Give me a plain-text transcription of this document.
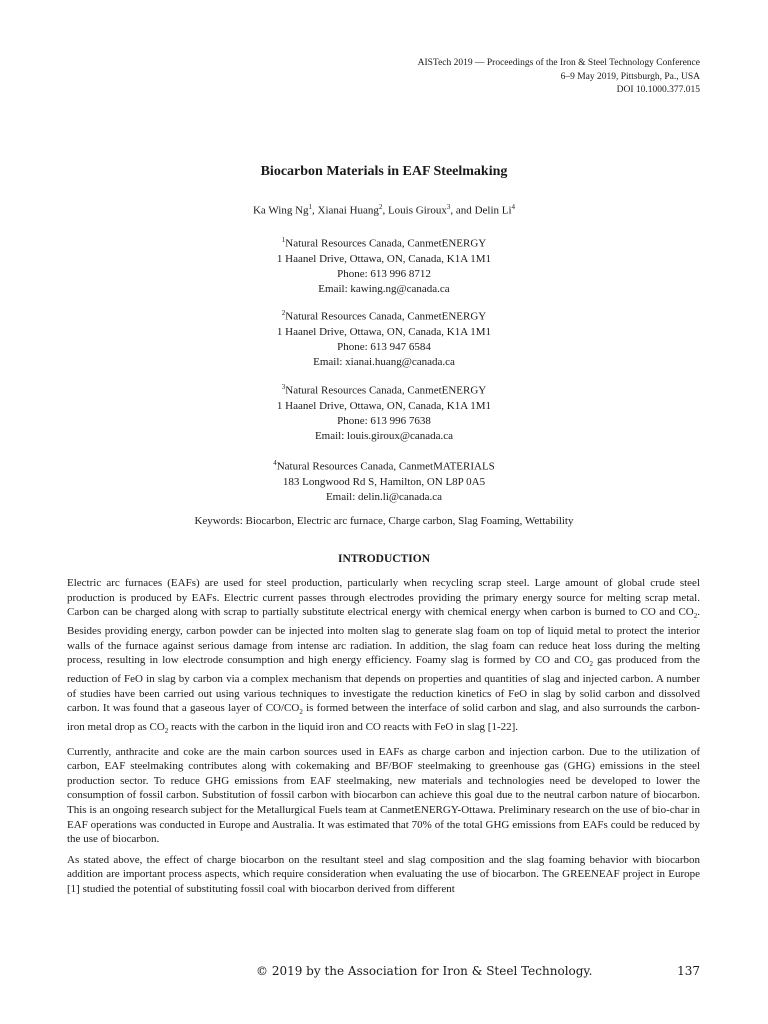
AISTech 2019 — Proceedings of the Iron & Steel Technology Conference
6–9 May 2019, Pittsburgh, Pa., USA
DOI 10.1000.377.015
Biocarbon Materials in EAF Steelmaking
Ka Wing Ng$^1$, Xianai Huang$^2$, Louis Giroux$^3$, and Delin Li$^4$
$^1$Natural Resources Canada, CanmetENERGY
1 Haanel Drive, Ottawa, ON, Canada, K1A 1M1
Phone: 613 996 8712
Email: kawing.ng@canada.ca
$^2$Natural Resources Canada, CanmetENERGY
1 Haanel Drive, Ottawa, ON, Canada, K1A 1M1
Phone: 613 947 6584
Email: xianai.huang@canada.ca
$^3$Natural Resources Canada, CanmetENERGY
1 Haanel Drive, Ottawa, ON, Canada, K1A 1M1
Phone: 613 996 7638
Email: louis.giroux@canada.ca
$^4$Natural Resources Canada, CanmetMATERIALS
183 Longwood Rd S, Hamilton, ON L8P 0A5
Email: delin.li@canada.ca
Keywords: Biocarbon, Electric arc furnace, Charge carbon, Slag Foaming, Wettability
INTRODUCTION

Electric arc furnaces (EAFs) are used for steel production, particularly when recycling scrap steel. Large amount of global crude steel production is produced by EAFs. Electric current passes through electrodes providing the primary energy source for melting scrap metal. Carbon can be charged along with scrap to partially substitute electrical energy with chemical energy when carbon is burned to CO and $CO_2$. Besides providing energy, carbon powder can be injected into molten slag to generate slag foam on top of liquid metal to protect the interior walls of the furnace against serious damage from intense arc radiation. In addition, the slag foam can reduce heat loss during the melting process, resulting in low electrode consumption and high energy efficiency. Foamy slag is formed by CO and $CO_2$ gas produced from the reduction of FeO in slag by carbon via a complex mechanism that depends on properties and quantities of slag and injected carbon. A number of studies have been carried out using various techniques to investigate the reduction kinetics of FeO in slag by solid carbon and dissolved carbon. It was found that a gaseous layer of $CO/CO_2$ is formed between the interface of solid carbon and slag, and also surrounds the carbon-iron metal drop as $CO_2$ reacts with the carbon in the liquid iron and CO reacts with FeO in slag [1-22].

Currently, anthracite and coke are the main carbon sources used in EAFs as charge carbon and injection carbon. Due to the utilization of carbon, EAF steelmaking contributes along with cokemaking and BF/BOF steelmaking to greenhouse gas (GHG) emissions in the steel production sector. To reduce GHG emissions from EAF steelmaking, new materials and technologies need be developed to lower the consumption of fossil carbon. Substitution of fossil carbon with biocarbon can achieve this goal due to the neutral carbon nature of biocarbon. This is an ongoing research subject for the Metallurgical Fuels team at CanmetENERGY-Ottawa. Preliminary research on the use of bio-char in EAF operations was conducted in Europe and Australia. It was estimated that 70% of the total GHG emissions from EAFs could be reduced by the use of biocarbon.

As stated above, the effect of charge biocarbon on the resultant steel and slag composition and the slag foaming behavior with biocarbon addition are important process aspects, which require consideration when evaluating the use of biocarbon. The GREENEAF project in Europe [1] studied the potential of substituting fossil coal with biocarbon derived from different

© 2019 by the Association for Iron & Steel Technology.	137
